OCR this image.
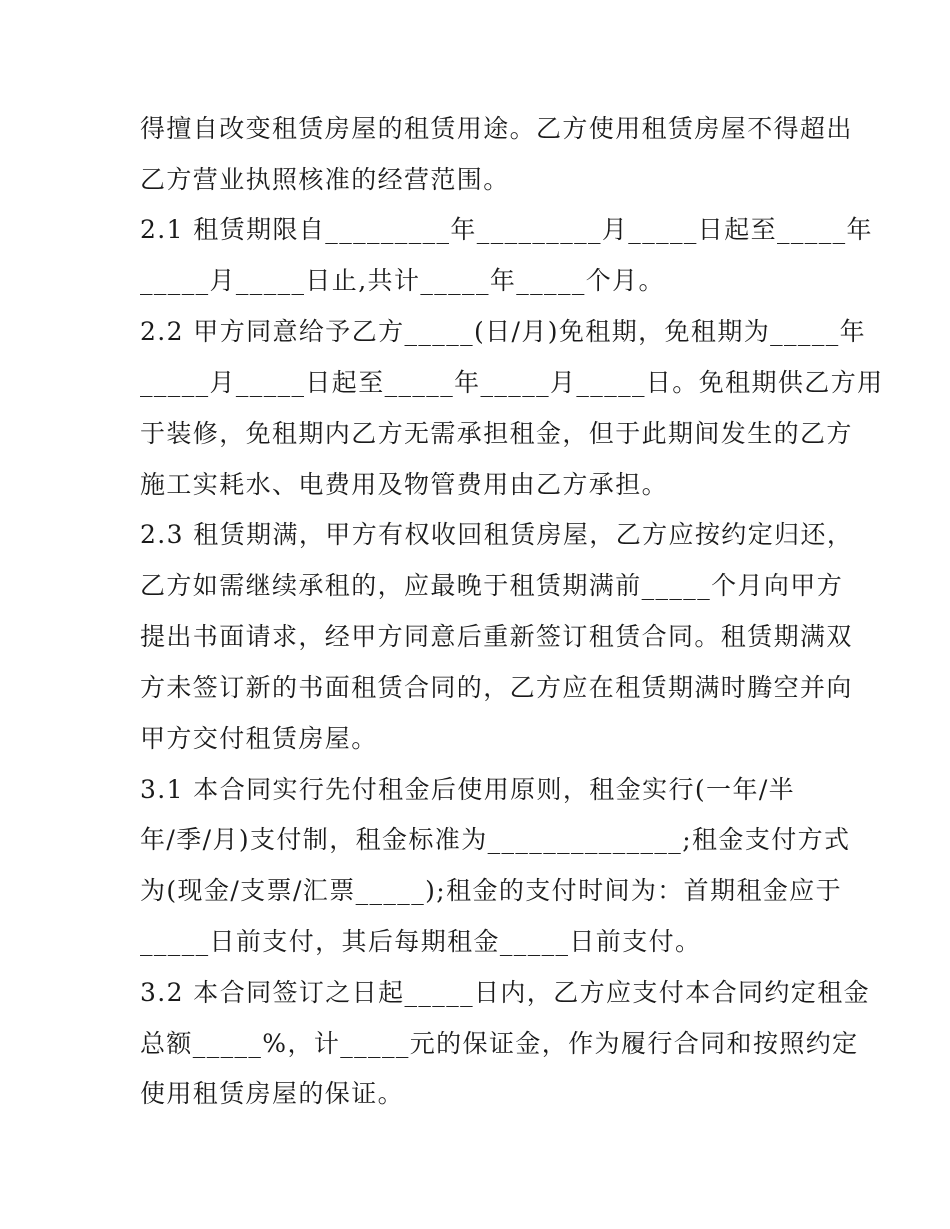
得擅自改变租赁房屋的租赁用途。乙方使用租赁房屋不得超出
乙方营业执照核准的经营范围。
2.1 租赁期限自_________年_________月_____日起至_____年
_____月_____日止,共计_____年_____个月。
2.2 甲方同意给予乙方_____(日/月)免租期，免租期为_____年
_____月_____日起至_____年_____月_____日。免租期供乙方用
于装修，免租期内乙方无需承担租金，但于此期间发生的乙方
施工实耗水、电费用及物管费用由乙方承担。
2.3 租赁期满，甲方有权收回租赁房屋，乙方应按约定归还，
乙方如需继续承租的，应最晚于租赁期满前_____个月向甲方
提出书面请求，经甲方同意后重新签订租赁合同。租赁期满双
方未签订新的书面租赁合同的，乙方应在租赁期满时腾空并向
甲方交付租赁房屋。
3.1 本合同实行先付租金后使用原则，租金实行(一年/半
年/季/月)支付制，租金标准为______________;租金支付方式
为(现金/支票/汇票_____);租金的支付时间为：首期租金应于
_____日前支付，其后每期租金_____日前支付。
3.2 本合同签订之日起_____日内，乙方应支付本合同约定租金
总额_____%，计_____元的保证金，作为履行合同和按照约定
使用租赁房屋的保证。
